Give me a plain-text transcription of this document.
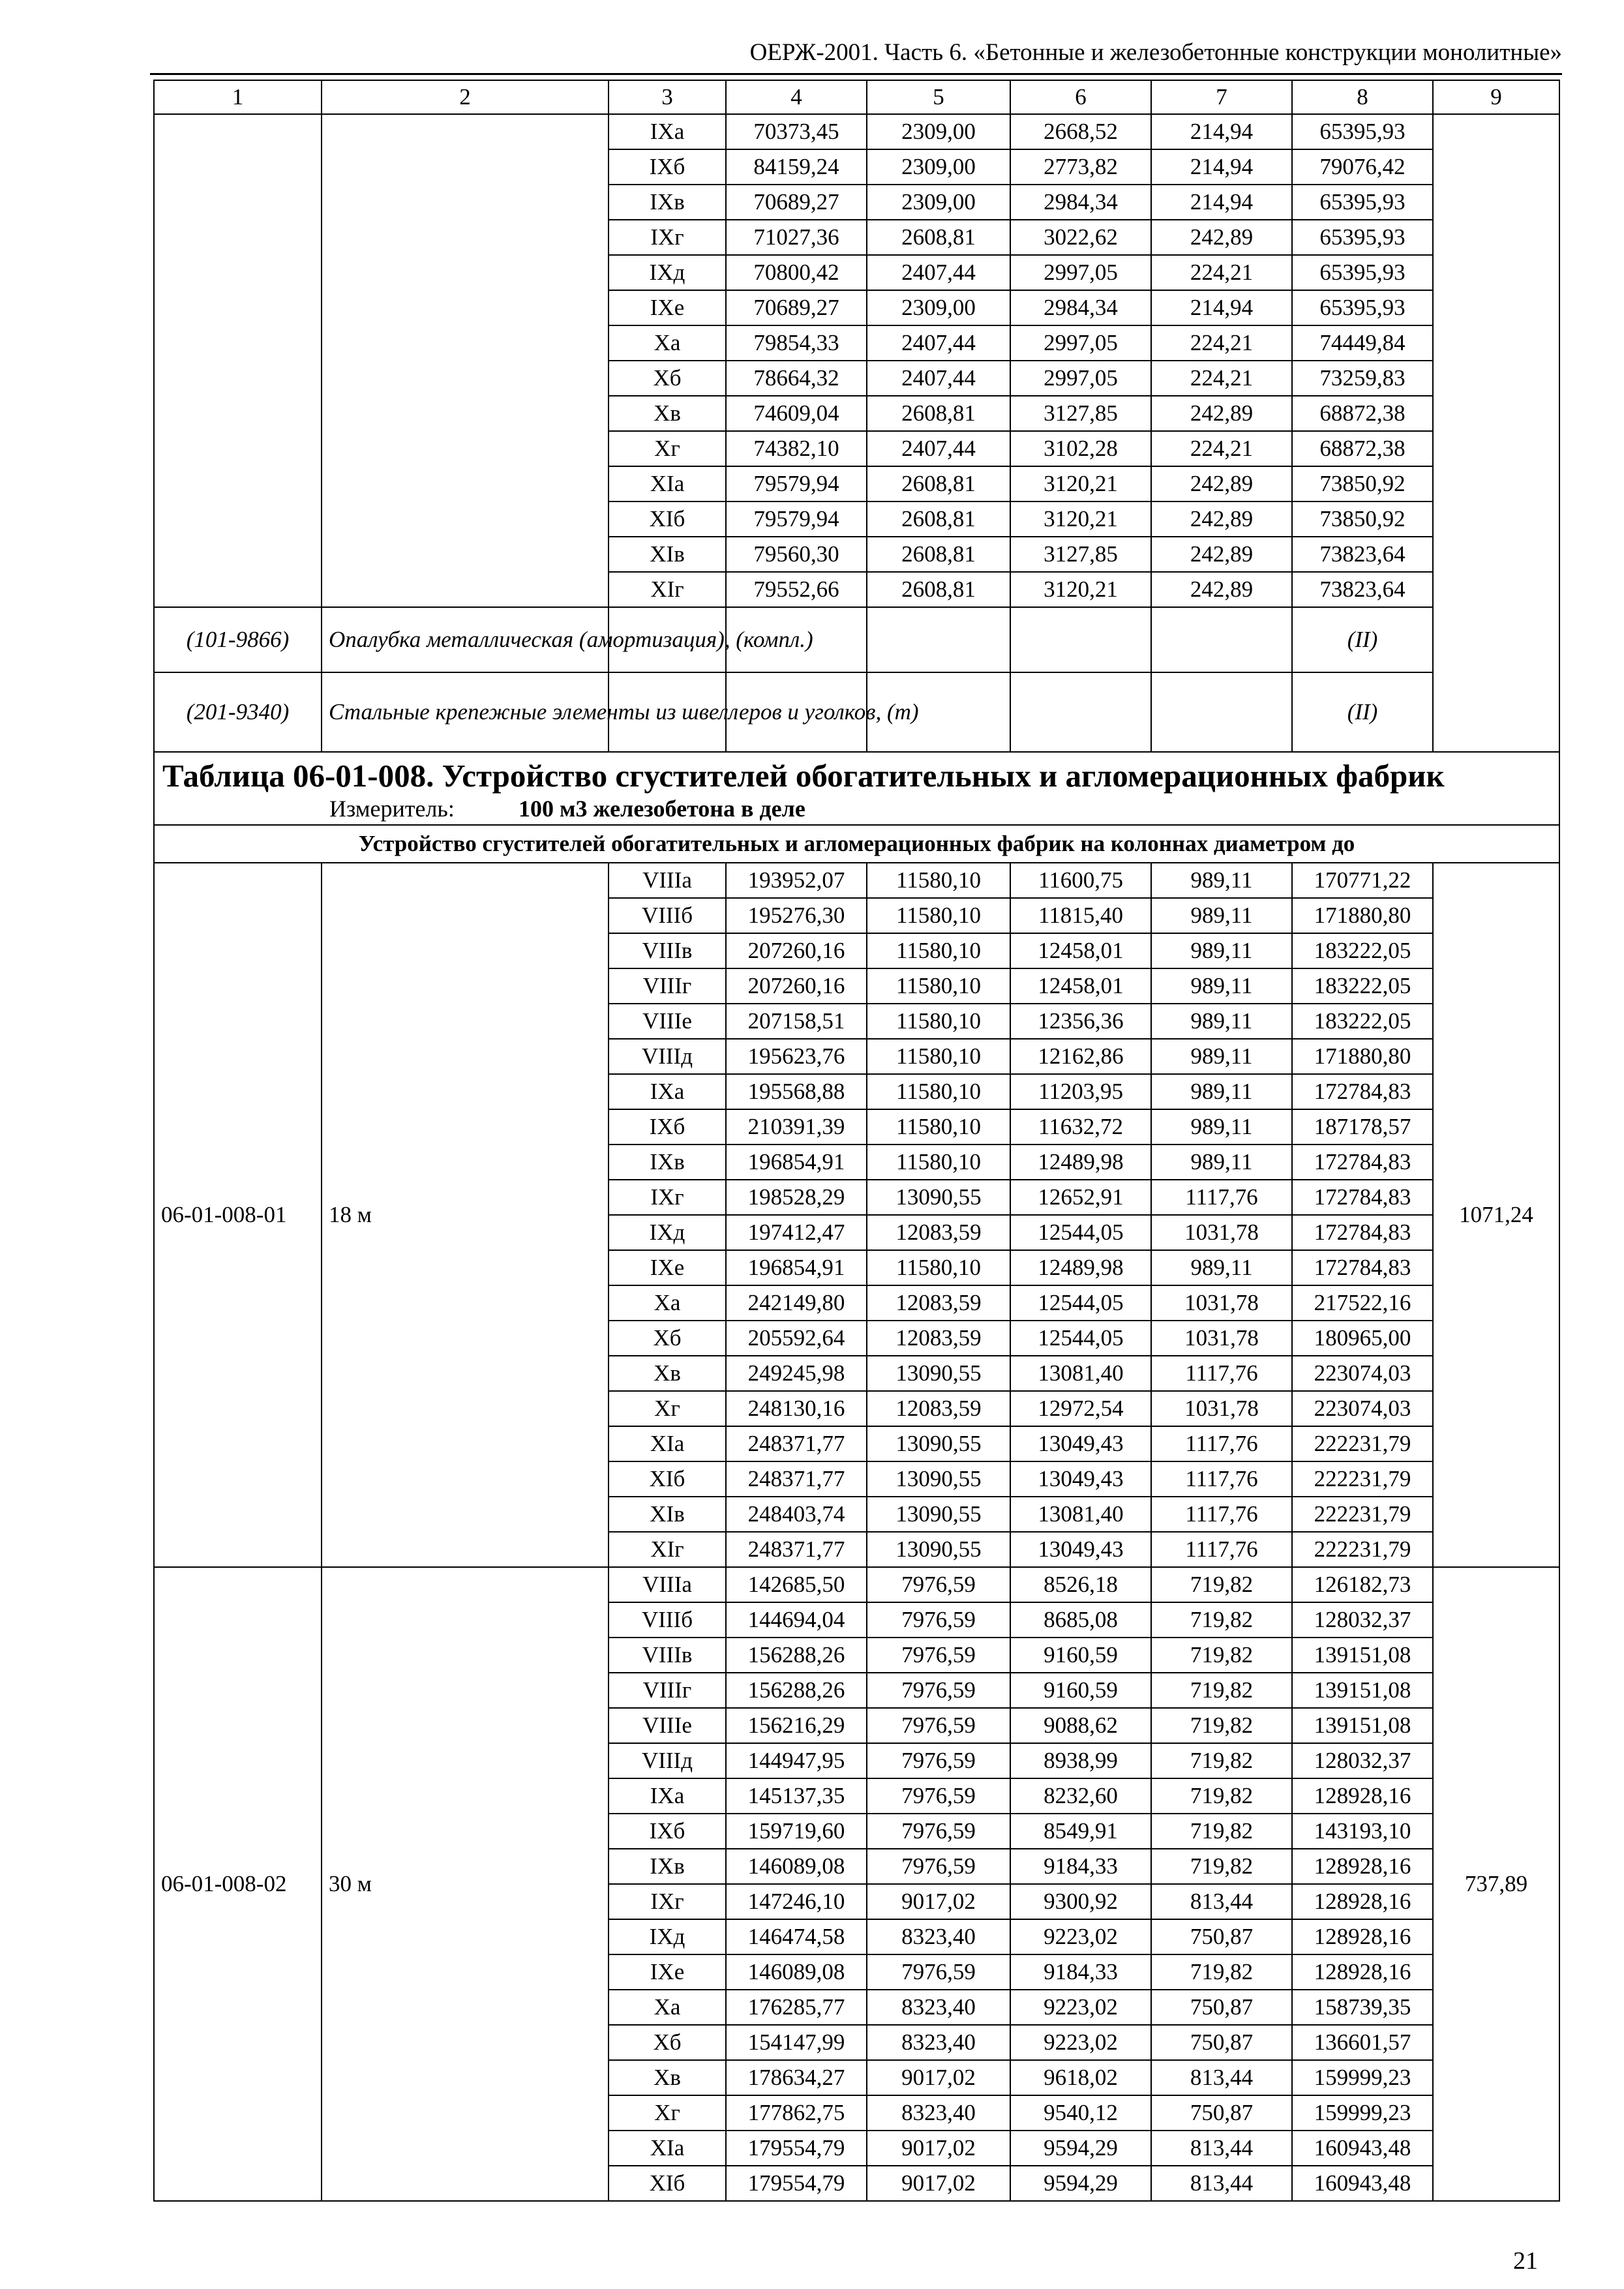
ОЕРЖ-2001. Часть 6. «Бетонные и железобетонные конструкции монолитные»
1	2	3	4	5	6	7	8	9
		IXа	70373,45	2309,00	2668,52	214,94	65395,93	
		IXб	84159,24	2309,00	2773,82	214,94	79076,42	
		IXв	70689,27	2309,00	2984,34	214,94	65395,93	
		IXг	71027,36	2608,81	3022,62	242,89	65395,93	
		IXд	70800,42	2407,44	2997,05	224,21	65395,93	
		IXе	70689,27	2309,00	2984,34	214,94	65395,93	
		Xа	79854,33	2407,44	2997,05	224,21	74449,84	
		Xб	78664,32	2407,44	2997,05	224,21	73259,83	
		Xв	74609,04	2608,81	3127,85	242,89	68872,38	
		Xг	74382,10	2407,44	3102,28	224,21	68872,38	
		XIа	79579,94	2608,81	3120,21	242,89	73850,92	
		XIб	79579,94	2608,81	3120,21	242,89	73850,92	
		XIв	79560,30	2608,81	3127,85	242,89	73823,64	
		XIг	79552,66	2608,81	3120,21	242,89	73823,64	
(101-9866)	Опалубка металлическая (амортизация), (компл.)						(II)	
(201-9340)	Стальные крепежные элементы из швеллеров и уголков, (т)						(II)	

Таблица 06-01-008. Устройство сгустителей обогатительных и агломерационных фабрик
Измеритель: 100 м3 железобетона в деле								

Устройство сгустителей обогатительных и агломерационных фабрик на колоннах диаметром до								
06-01-008-01	18 м	VIIIа	193952,07	11580,10	11600,75	989,11	170771,22	1071,24
		VIIIб	195276,30	11580,10	11815,40	989,11	171880,80	
		VIIIв	207260,16	11580,10	12458,01	989,11	183222,05	
		VIIIг	207260,16	11580,10	12458,01	989,11	183222,05	
		VIIIе	207158,51	11580,10	12356,36	989,11	183222,05	
		VIIIд	195623,76	11580,10	12162,86	989,11	171880,80	
		IXа	195568,88	11580,10	11203,95	989,11	172784,83	
		IXб	210391,39	11580,10	11632,72	989,11	187178,57	
		IXв	196854,91	11580,10	12489,98	989,11	172784,83	
		IXг	198528,29	13090,55	12652,91	1117,76	172784,83	
		IXд	197412,47	12083,59	12544,05	1031,78	172784,83	
		IXе	196854,91	11580,10	12489,98	989,11	172784,83	
		Xа	242149,80	12083,59	12544,05	1031,78	217522,16	
		Xб	205592,64	12083,59	12544,05	1031,78	180965,00	
		Xв	249245,98	13090,55	13081,40	1117,76	223074,03	
		Xг	248130,16	12083,59	12972,54	1031,78	223074,03	
		XIа	248371,77	13090,55	13049,43	1117,76	222231,79	
		XIб	248371,77	13090,55	13049,43	1117,76	222231,79	
		XIв	248403,74	13090,55	13081,40	1117,76	222231,79	
		XIг	248371,77	13090,55	13049,43	1117,76	222231,79	
06-01-008-02	30 м	VIIIа	142685,50	7976,59	8526,18	719,82	126182,73	737,89
		VIIIб	144694,04	7976,59	8685,08	719,82	128032,37	
		VIIIв	156288,26	7976,59	9160,59	719,82	139151,08	
		VIIIг	156288,26	7976,59	9160,59	719,82	139151,08	
		VIIIе	156216,29	7976,59	9088,62	719,82	139151,08	
		VIIIд	144947,95	7976,59	8938,99	719,82	128032,37	
		IXа	145137,35	7976,59	8232,60	719,82	128928,16	
		IXб	159719,60	7976,59	8549,91	719,82	143193,10	
		IXв	146089,08	7976,59	9184,33	719,82	128928,16	
		IXг	147246,10	9017,02	9300,92	813,44	128928,16	
		IXд	146474,58	8323,40	9223,02	750,87	128928,16	
		IXе	146089,08	7976,59	9184,33	719,82	128928,16	
		Xа	176285,77	8323,40	9223,02	750,87	158739,35	
		Xб	154147,99	8323,40	9223,02	750,87	136601,57	
		Xв	178634,27	9017,02	9618,02	813,44	159999,23	
		Xг	177862,75	8323,40	9540,12	750,87	159999,23	
		XIа	179554,79	9017,02	9594,29	813,44	160943,48	
		XIб	179554,79	9017,02	9594,29	813,44	160943,48	
21
